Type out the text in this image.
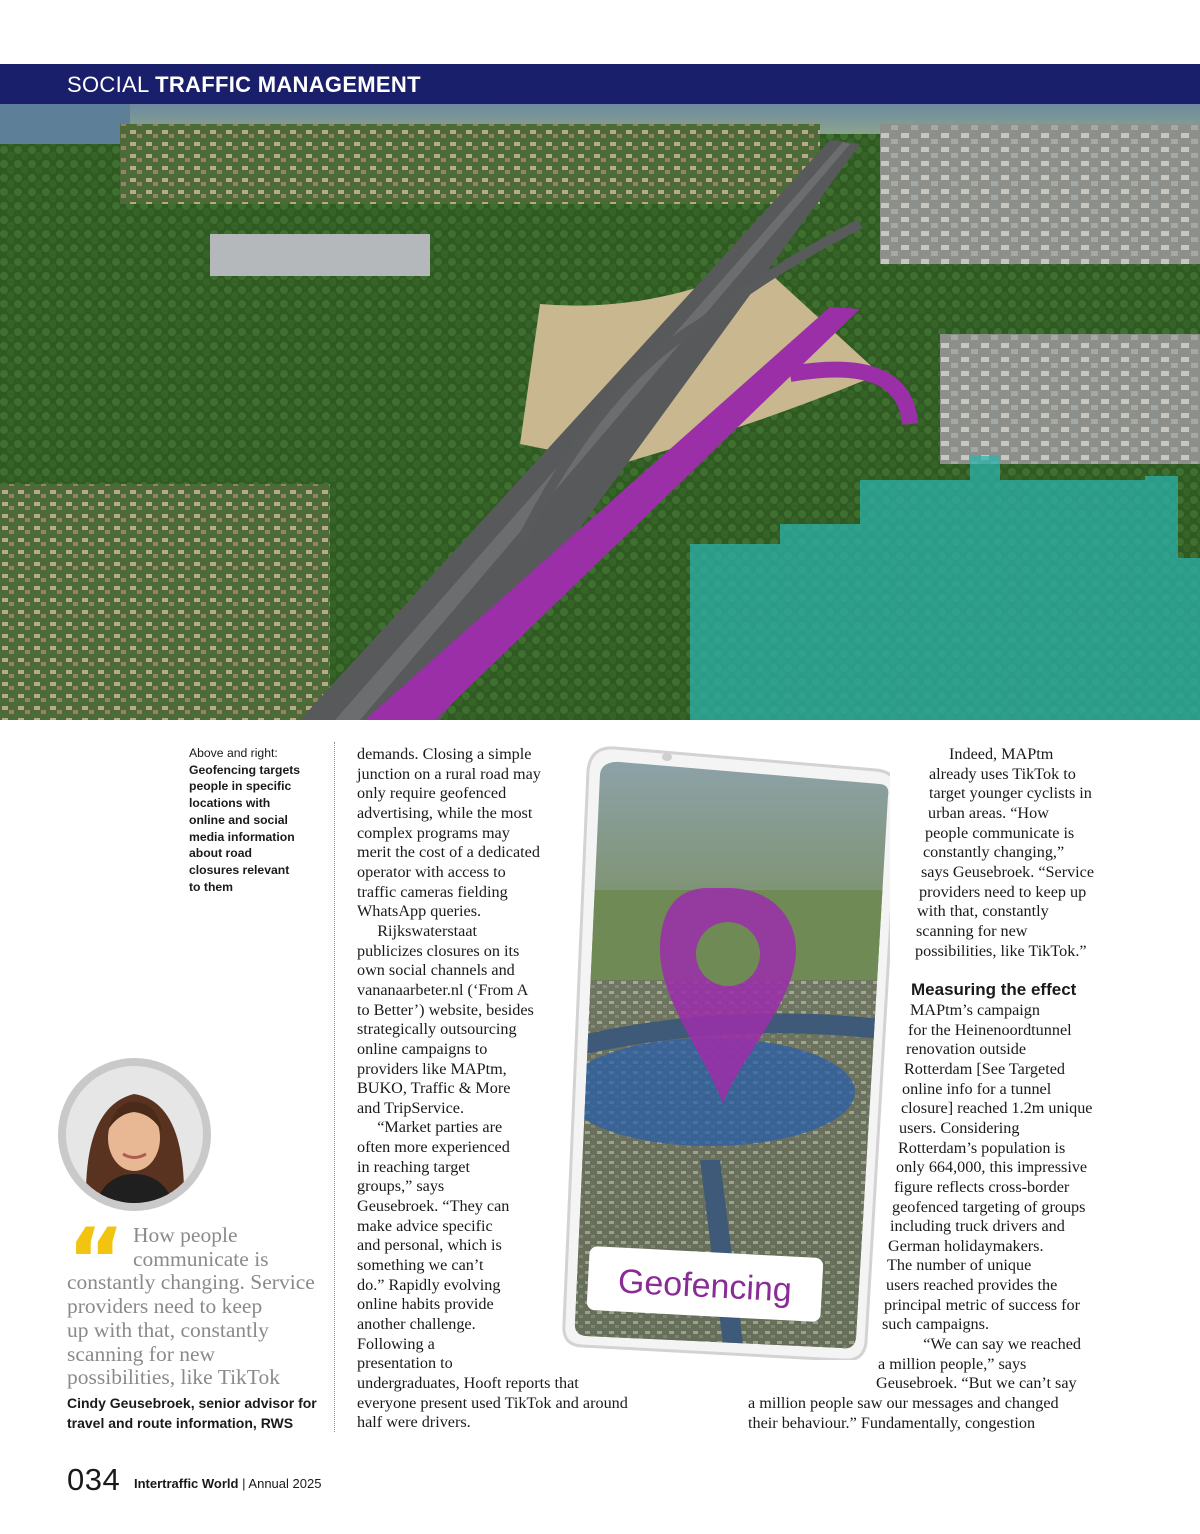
SOCIAL TRAFFIC MANAGEMENT
Above and right:
Geofencing targets
people in specific
locations with
online and social
media information
about road
closures relevant
to them
“ How people
communicate is
constantly changing. Service
providers need to keep
up with that, constantly
scanning for new
possibilities, like TikTok
Cindy Geusebroek, senior advisor for
travel and route information, RWS
demands. Closing a simple
junction on a rural road may
only require geofenced
advertising, while the most
complex programs may
merit the cost of a dedicated
operator with access to
traffic cameras fielding
WhatsApp queries.
Rijkswaterstaat
publicizes closures on its
own social channels and
vananaarbeter.nl (‘From A
to Better’) website, besides
strategically outsourcing
online campaigns to
providers like MAPtm,
BUKO, Traffic & More
and TripService.
“Market parties are
often more experienced
in reaching target
groups,” says
Geusebroek. “They can
make advice specific
and personal, which is
something we can’t
do.” Rapidly evolving
online habits provide
another challenge.
Following a
presentation to
undergraduates, Hooft reports that
everyone present used TikTok and around
half were drivers.
Geofencing
Indeed, MAPtm
already uses TikTok to
target younger cyclists in
urban areas. “How
people communicate is
constantly changing,”
says Geusebroek. “Service
providers need to keep up
with that, constantly
scanning for new
possibilities, like TikTok.”
Measuring the effect
MAPtm’s campaign
for the Heinenoordtunnel
renovation outside
Rotterdam [See Targeted
online info for a tunnel
closure] reached 1.2m unique
users. Considering
Rotterdam’s population is
only 664,000, this impressive
figure reflects cross-border
geofenced targeting of groups
including truck drivers and
German holidaymakers.
The number of unique
users reached provides the
principal metric of success for
such campaigns.
“We can say we reached
a million people,” says
Geusebroek. “But we can’t say
a million people saw our messages and changed
their behaviour.” Fundamentally, congestion
034 Intertraffic World | Annual 2025
